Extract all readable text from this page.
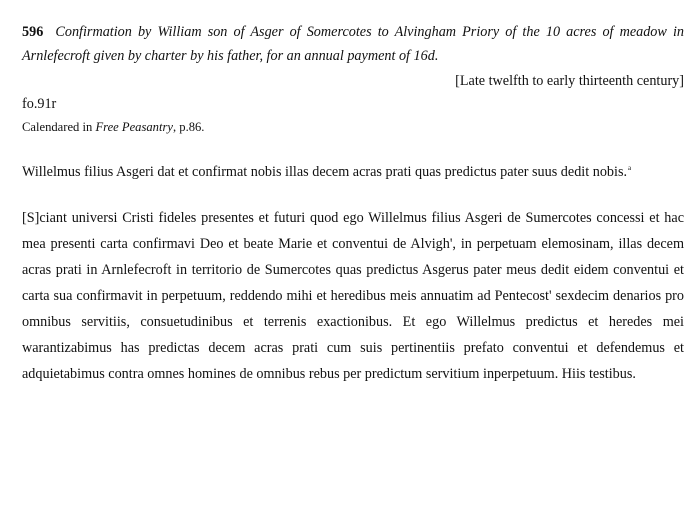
596 Confirmation by William son of Asger of Somercotes to Alvingham Priory of the 10 acres of meadow in Arnlefecroft given by charter by his father, for an annual payment of 16d.
[Late twelfth to early thirteenth century]
fo.91r
Calendared in Free Peasantry, p.86.
Willelmus filius Asgeri dat et confirmat nobis illas decem acras prati quas predictus pater suus dedit nobis.$^a$

[S]ciant universi Cristi fideles presentes et futuri quod ego Willelmus filius Asgeri de Sumercotes concessi et hac mea presenti carta confirmavi Deo et beate Marie et conventui de Alvigh', in perpetuam elemosinam, illas decem acras prati in Arnlefecroft in territorio de Sumercotes quas predictus Asgerus pater meus dedit eidem conventui et carta sua confirmavit in perpetuum, reddendo mihi et heredibus meis annuatim ad Pentecost' sexdecim denarios pro omnibus servitiis, consuetudinibus et terrenis exactionibus. Et ego Willelmus predictus et heredes mei warantizabimus has predictas decem acras prati cum suis pertinentiis prefato conventui et defendemus et adquietabimus contra omnes homines de omnibus rebus per predictum servitium inperpetuum. Hiis testibus.
